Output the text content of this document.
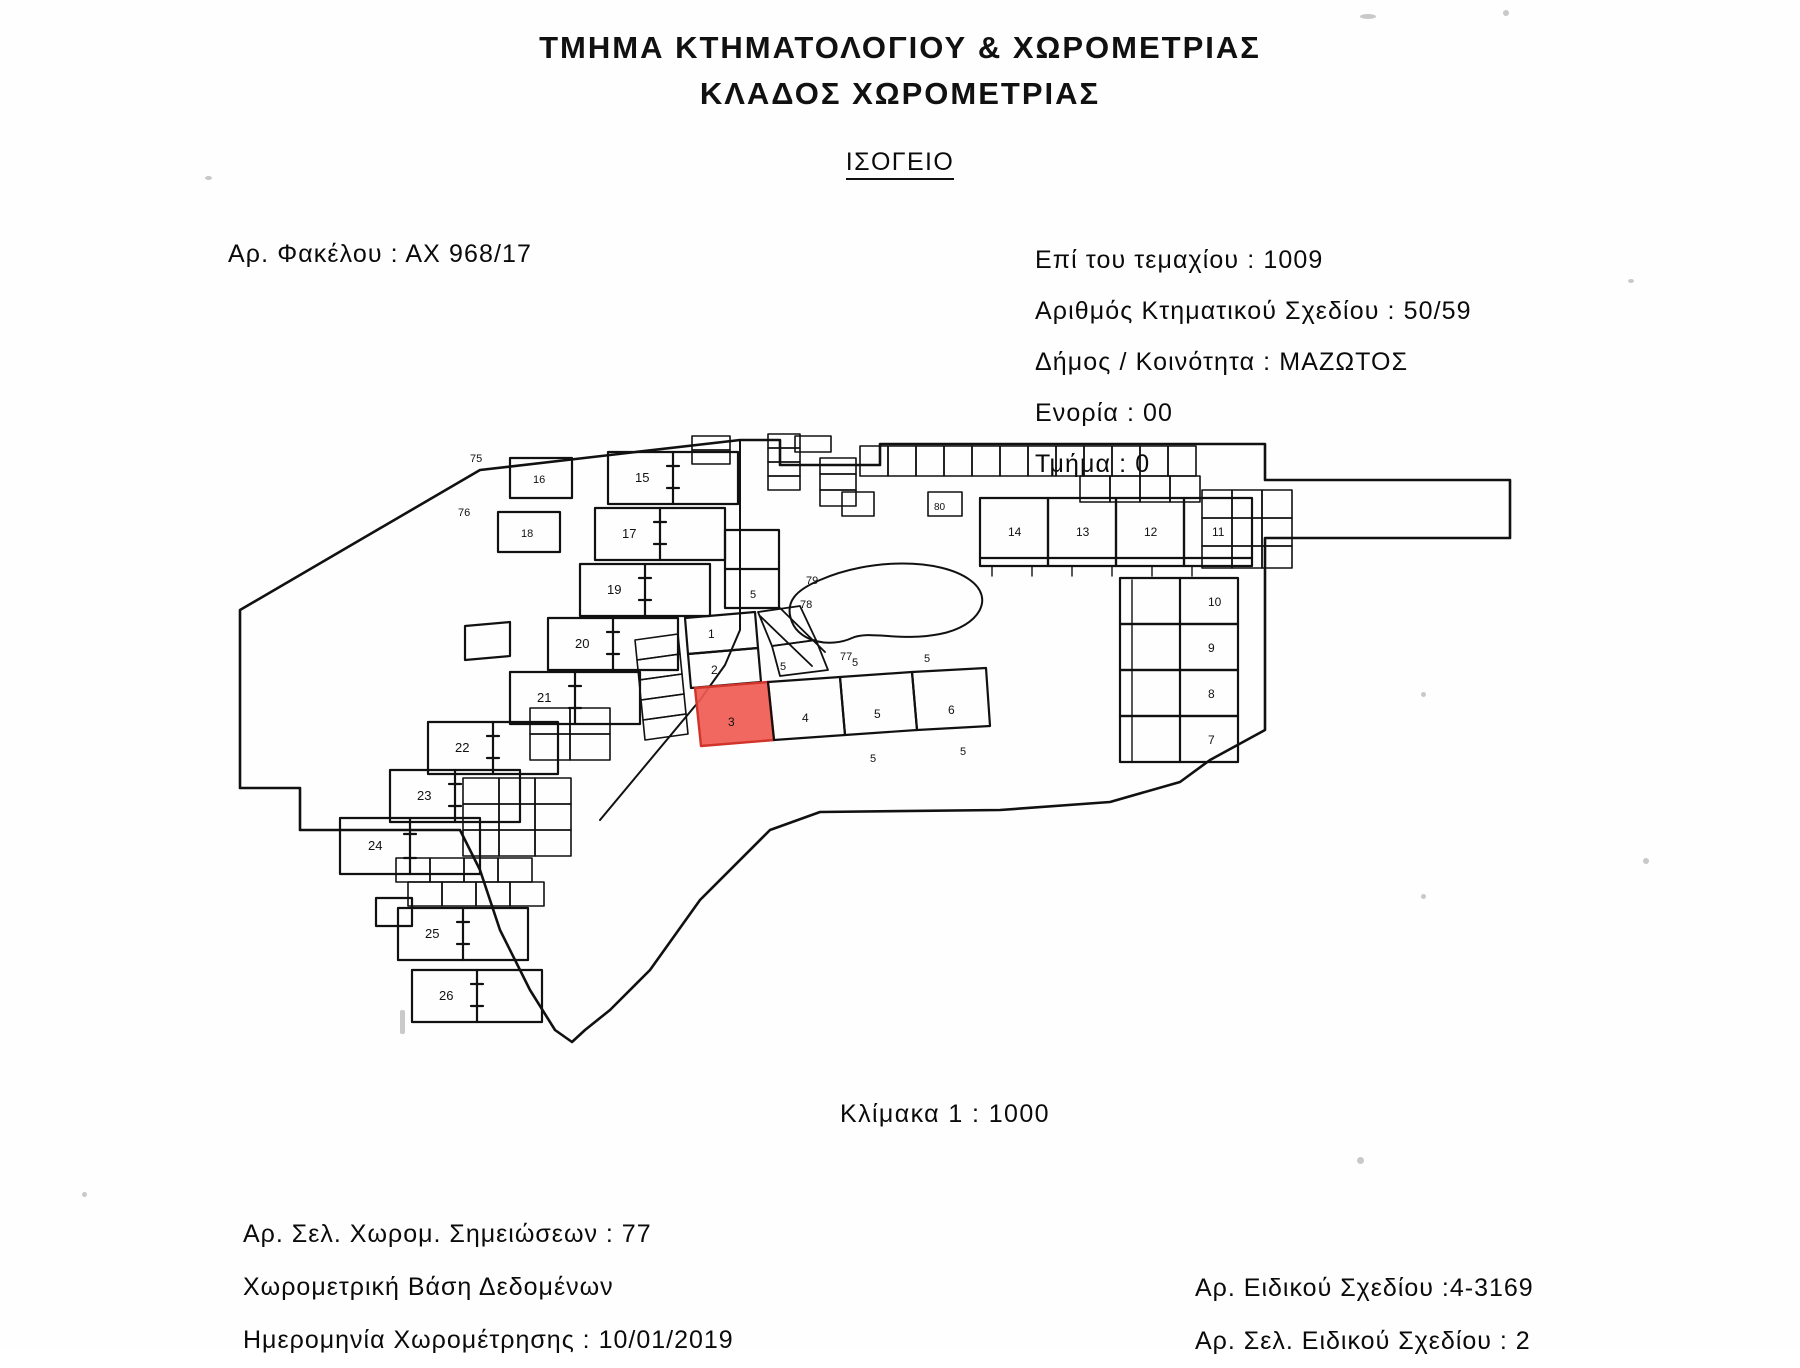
ΤΜΗΜΑ ΚΤΗΜΑΤΟΛΟΓΙΟΥ & ΧΩΡΟΜΕΤΡΙΑΣ
ΚΛΑΔΟΣ ΧΩΡΟΜΕΤΡΙΑΣ
ΙΣΟΓΕΙΟ
Αρ. Φακέλου : ΑΧ 968/17	Επί του τεμαχίου : 1009
Αριθμός Κτηματικού Σχεδίου : 50/59
Δήμος / Κοινότητα : ΜΑΖΩΤΟΣ
Ενορία : 00
Τμήμα : 0
15
16
75
17
18
76
19
20
21
22
23
24
25
26
5
1
2
77
79
78
3	4	5	6
5	5	5
5
5
14	13	12	11
10
9
8
7
80
Κλίμακα 1 : 1000
Αρ. Σελ. Χωρομ. Σημειώσεων : 77
Χωρομετρική Βάση Δεδομένων
Ημερομηνία Χωρομέτρησης : 10/01/2019
Αρ. Ειδικού Σχεδίου :4-3169
Αρ. Σελ. Ειδικού Σχεδίου : 2
